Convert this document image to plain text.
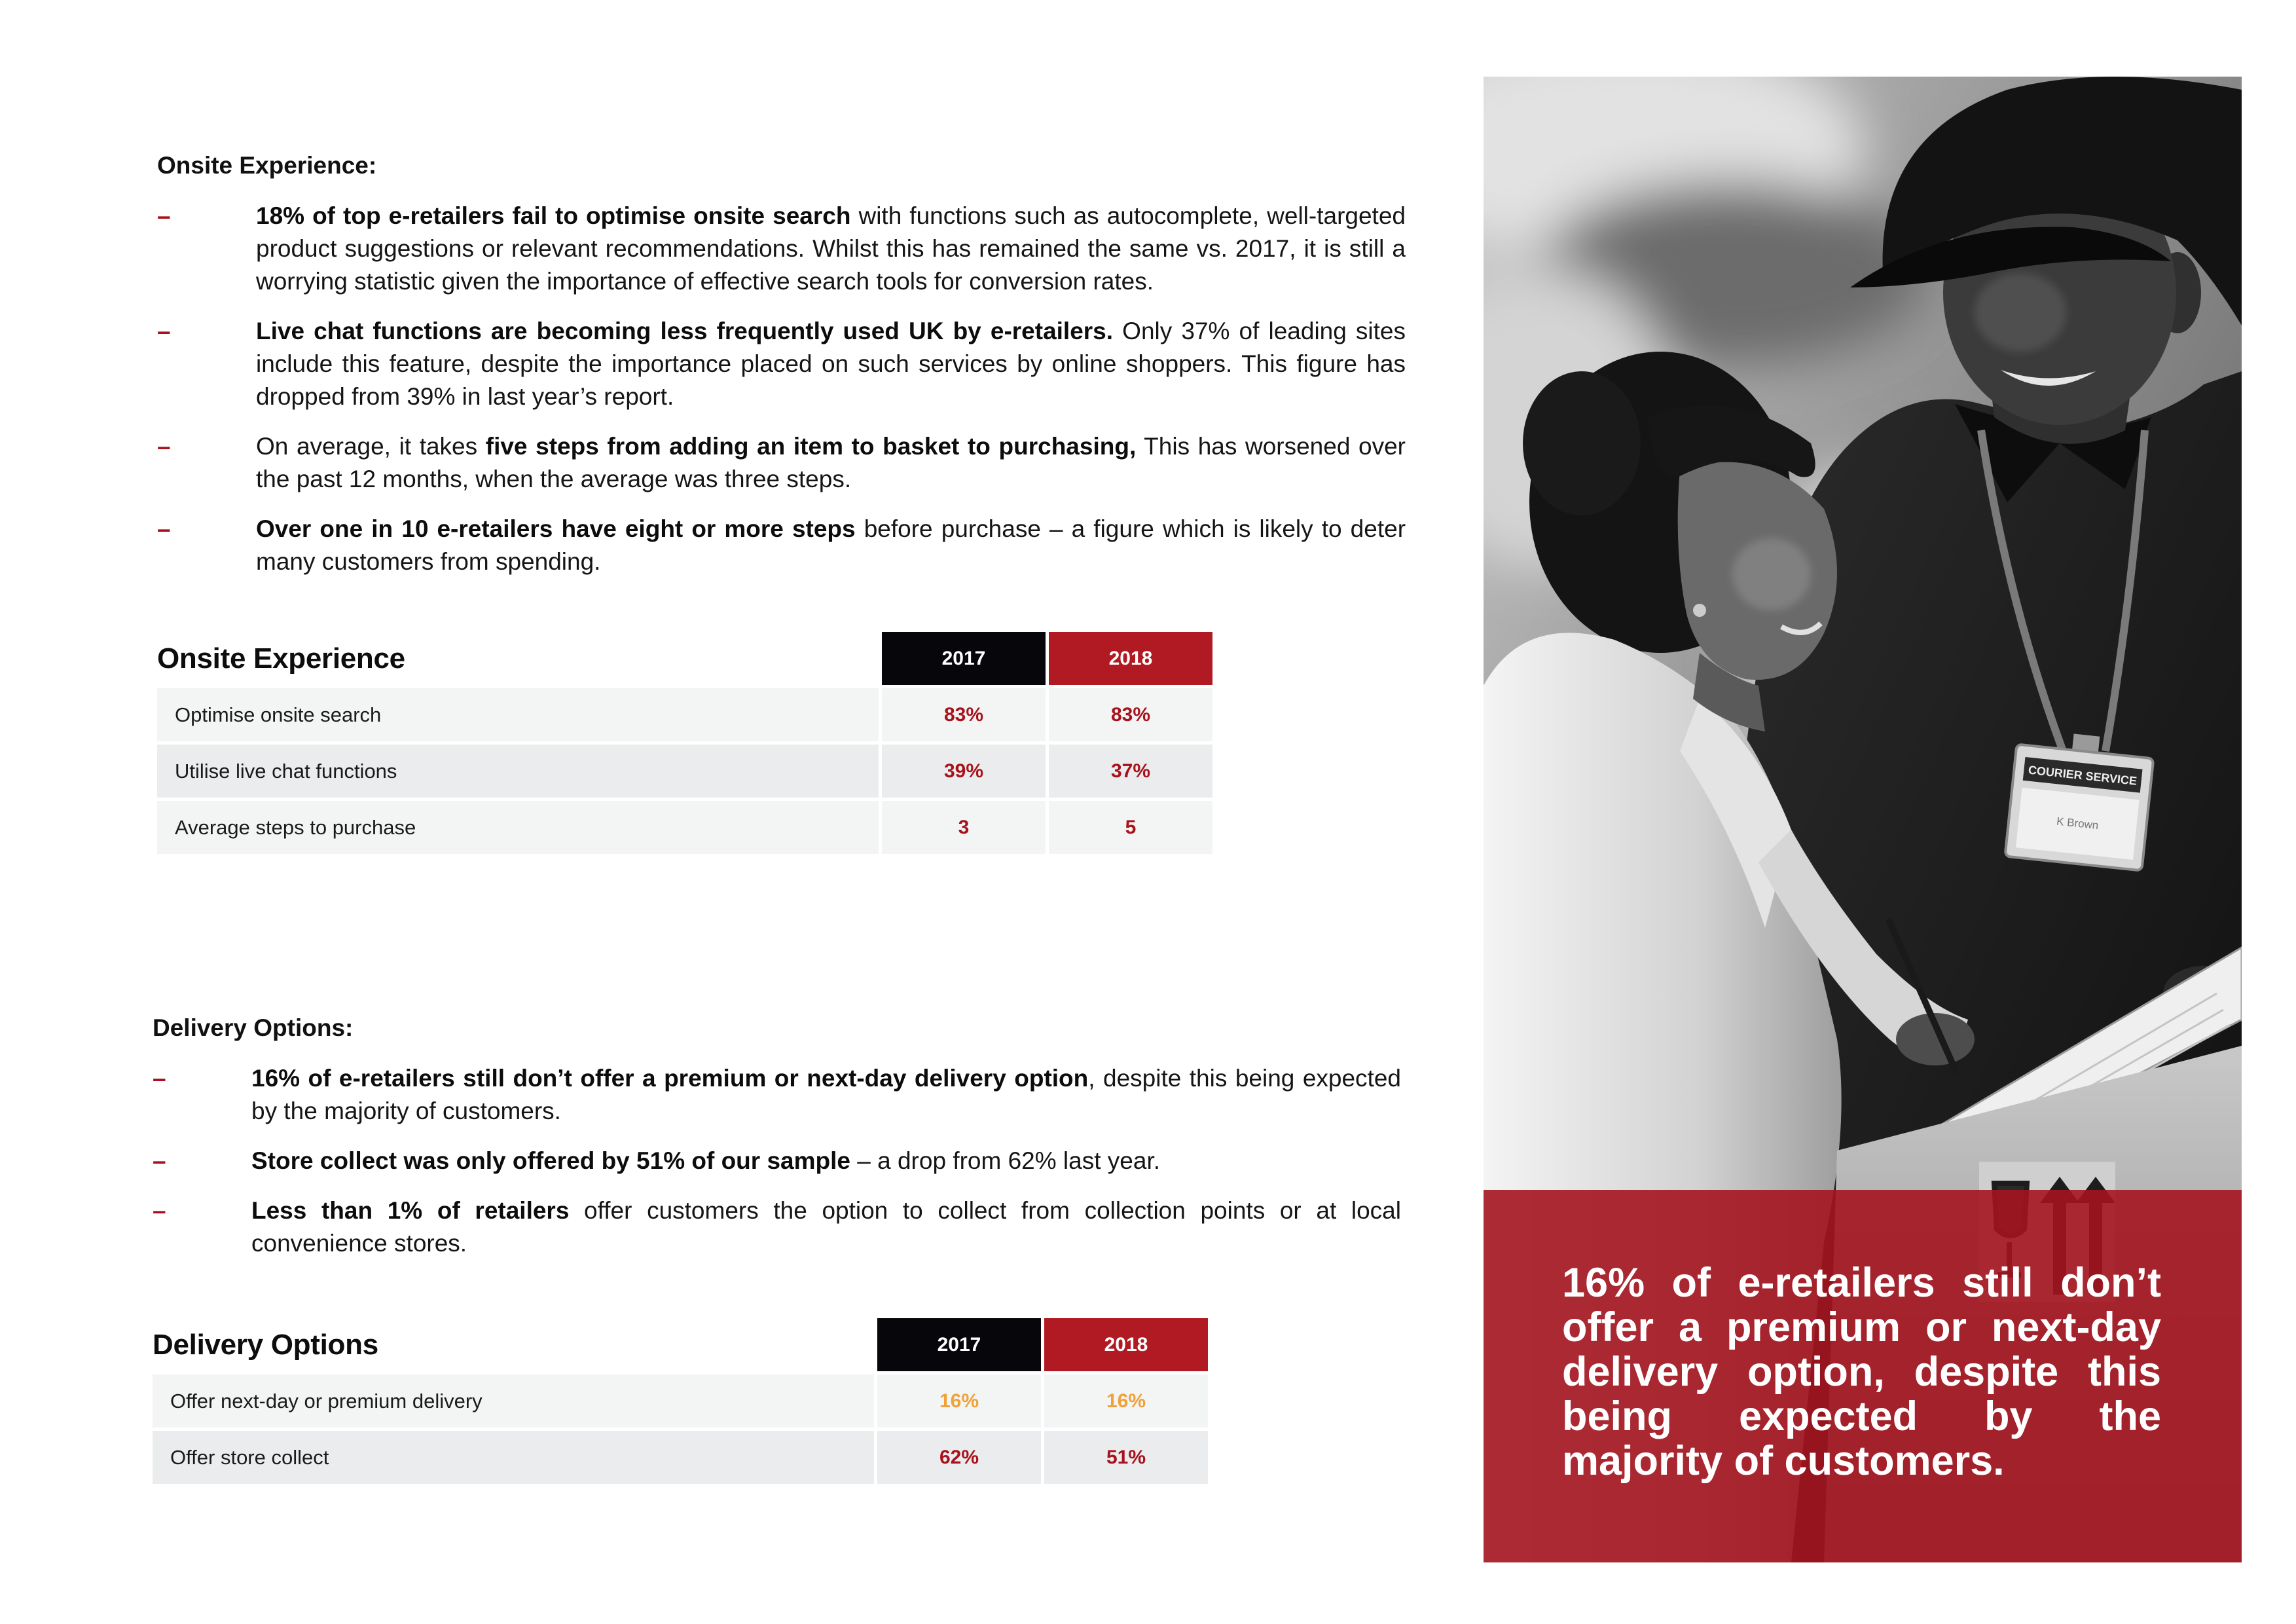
Onsite Experience:
–	18% of top e-retailers fail to optimise onsite search with functions such as autocomplete, well-targeted product suggestions or relevant recommendations. Whilst this has remained the same vs. 2017, it is still a worrying statistic given the importance of effective search tools for conversion rates.
–	Live chat functions are becoming less frequently used UK by e-retailers. Only 37% of leading sites include this feature, despite the importance placed on such services by online shoppers. This figure has dropped from 39% in last year’s report.
–	On average, it takes five steps from adding an item to basket to purchasing, This has worsened over the past 12 months, when the average was three steps.
–	Over one in 10 e-retailers have eight or more steps before purchase – a figure which is likely to deter many customers from spending.
Onsite Experience	2017	2018
Optimise onsite search	83%	83%
Utilise live chat functions	39%	37%
Average steps to purchase	3	5
Delivery Options:
–	16% of e-retailers still don’t offer a premium or next-day delivery option, despite this being expected by the majority of customers.
–	Store collect was only offered by 51% of our sample – a drop from 62% last year.
–	Less than 1% of retailers offer customers the option to collect from collection points or at local convenience stores.
Delivery Options	2017	2018
Offer next-day or premium delivery	16%	16%
Offer store collect	62%	51%
COURIER SERVICE
K Brown
16% of e-retailers still don’t offer a premium or next-day delivery option, despite this being expected by the majority of customers.
